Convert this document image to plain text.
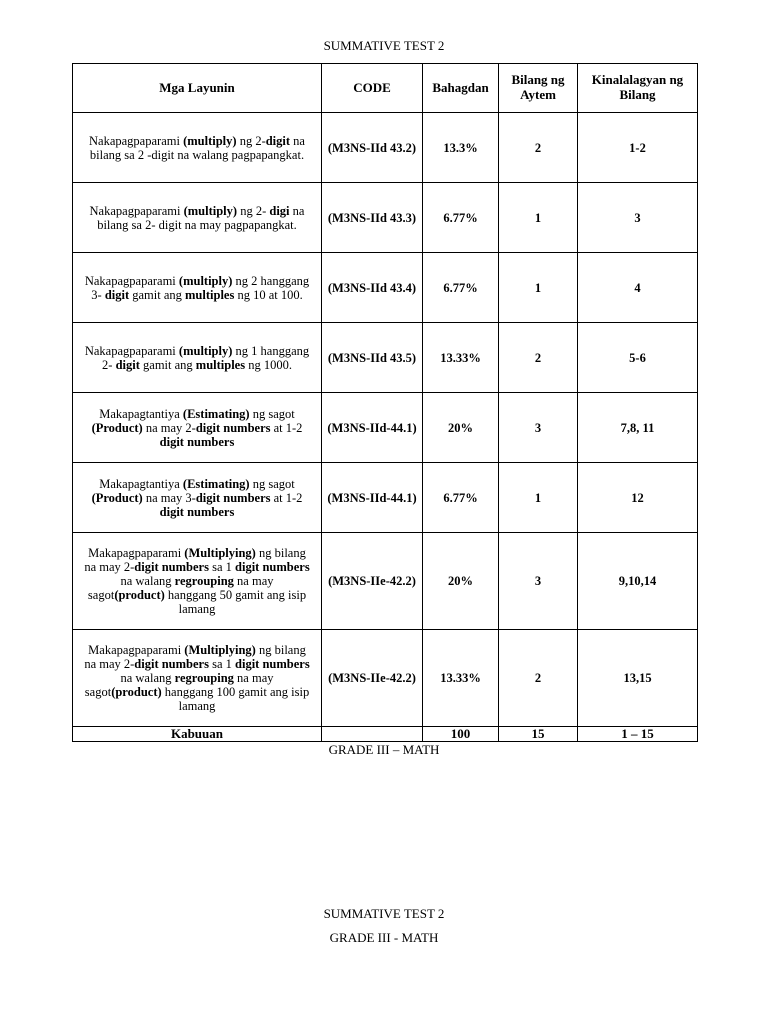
SUMMATIVE TEST 2
Mga Layunin	CODE	Bahagdan	Bilang ng Aytem	Kinalalagyan ng Bilang
Nakapagpaparami (multiply) ng 2-digit na bilang sa 2 -digit na walang pagpapangkat.	(M3NS-IId 43.2)	13.3%	2	1-2
Nakapagpaparami (multiply) ng 2- digi na bilang sa 2- digit na may pagpapangkat.	(M3NS-IId 43.3)	6.77%	1	3
Nakapagpaparami (multiply) ng 2 hanggang 3- digit gamit ang multiples ng 10 at 100.	(M3NS-IId 43.4)	6.77%	1	4
Nakapagpaparami (multiply) ng 1 hanggang 2- digit gamit ang multiples ng 1000.	(M3NS-IId 43.5)	13.33%	2	5-6
Makapagtantiya (Estimating) ng sagot (Product) na may 2-digit numbers at 1-2 digit numbers	(M3NS-IId-44.1)	20%	3	7,8, 11
Makapagtantiya (Estimating) ng sagot (Product) na may 3-digit numbers at 1-2 digit numbers	(M3NS-IId-44.1)	6.77%	1	12
Makapagpaparami (Multiplying) ng bilang na may 2-digit numbers sa 1 digit numbers na walang regrouping na may sagot(product) hanggang 50 gamit ang isip lamang	(M3NS-IIe-42.2)	20%	3	9,10,14
Makapagpaparami (Multiplying) ng bilang na may 2-digit numbers sa 1 digit numbers na walang regrouping na may sagot(product) hanggang 100 gamit ang isip lamang	(M3NS-IIe-42.2)	13.33%	2	13,15
Kabuuan		100	15	1 – 15
GRADE III – MATH
SUMMATIVE TEST 2
GRADE III - MATH
